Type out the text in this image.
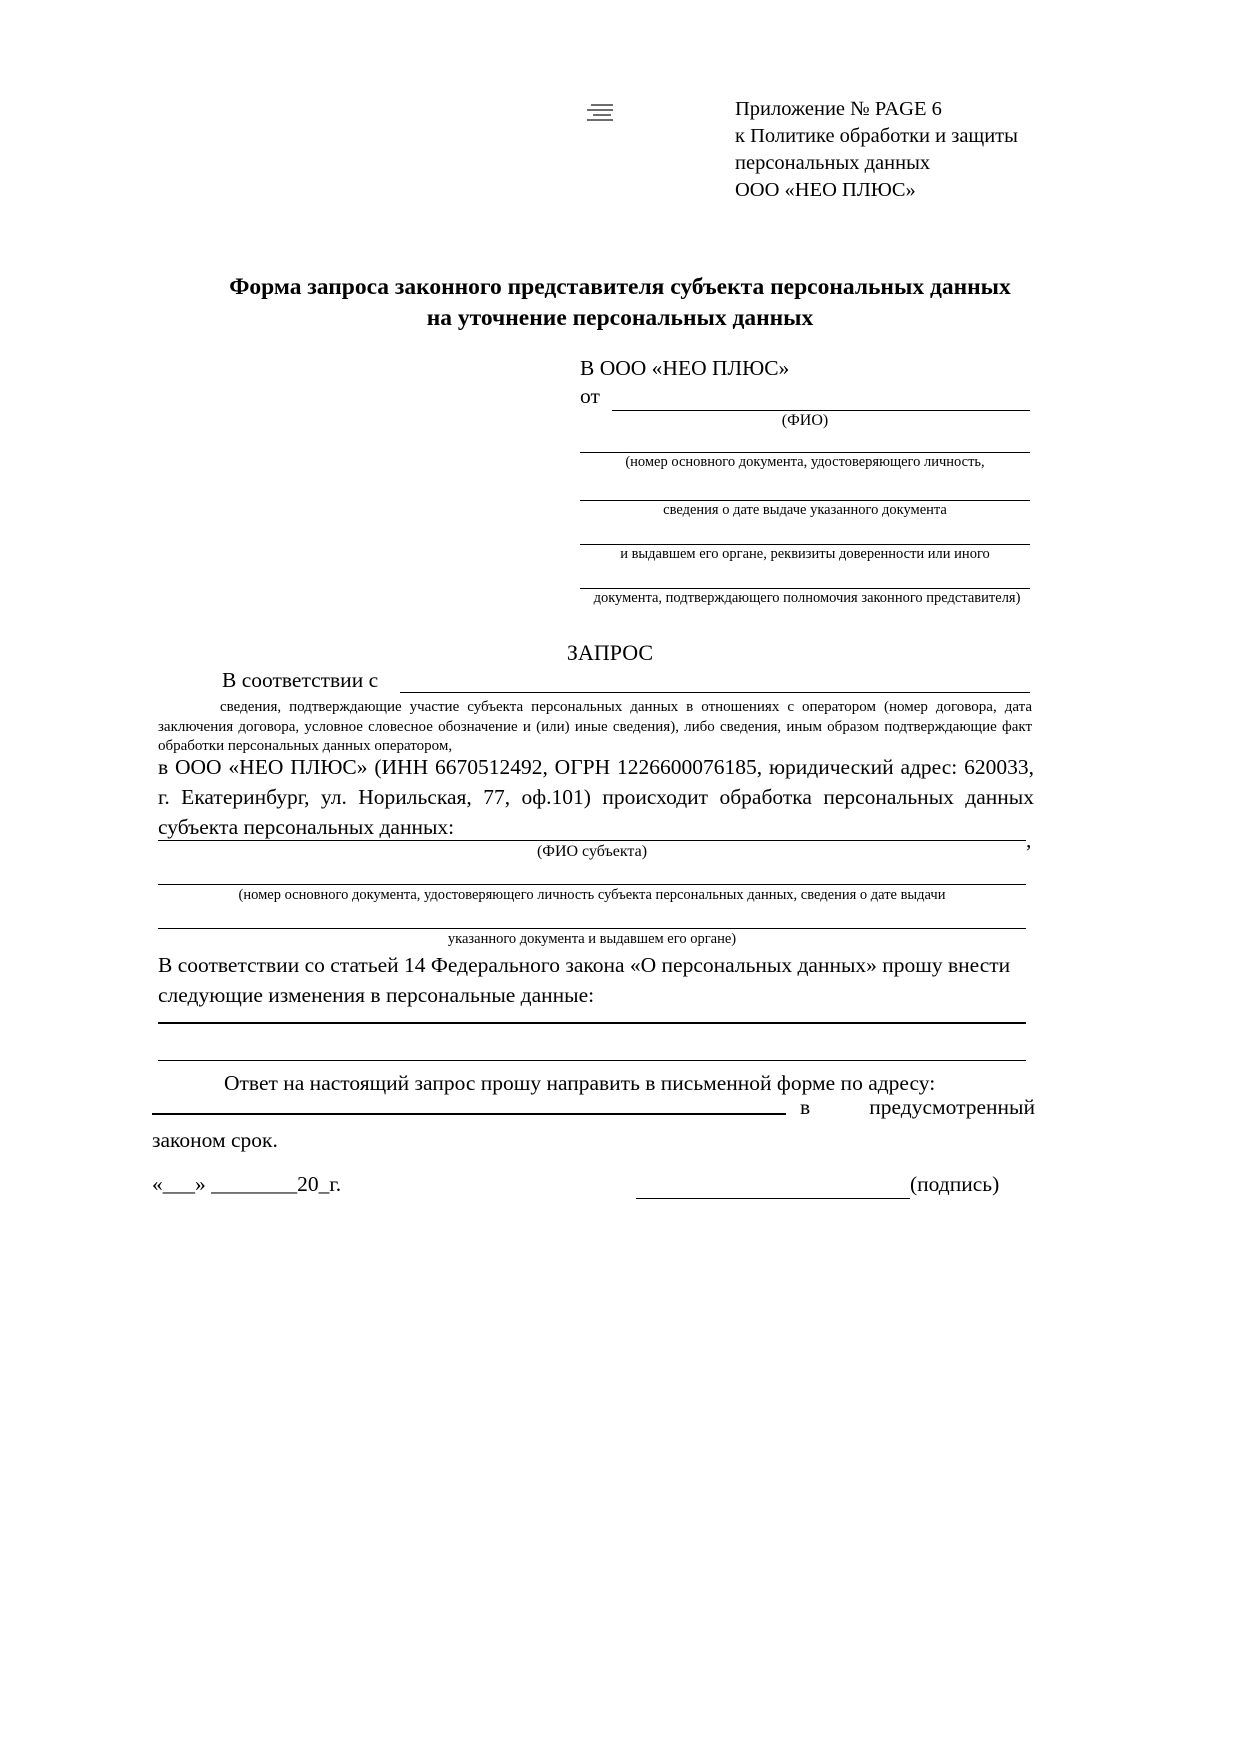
Приложение № PAGE 6
к Политике обработки и защиты
персональных данных
ООО «НЕО ПЛЮС»
Форма запроса законного представителя субъекта персональных данных
на уточнение персональных данных
В ООО «НЕО ПЛЮС»
от
(ФИО)
(номер основного документа, удостоверяющего личность,
сведения о дате выдаче указанного документа
и выдавшем его органе, реквизиты доверенности или иного
документа, подтверждающего полномочия законного представителя)
ЗАПРОС
В соответствии с
сведения, подтверждающие участие субъекта персональных данных в отношениях с оператором (номер договора, дата заключения договора, условное словесное обозначение и (или) иные сведения), либо сведения, иным образом подтверждающие факт обработки персональных данных оператором,
в ООО «НЕО ПЛЮС» (ИНН 6670512492, ОГРН 1226600076185, юридический адрес: 620033, г. Екатеринбург, ул. Норильская, 77, оф.101) происходит обработка персональных данных субъекта персональных данных:
,
(ФИО субъекта)
(номер основного документа, удостоверяющего личность субъекта персональных данных, сведения о дате выдачи
указанного документа и выдавшем его органе)
В соответствии со статьей 14 Федерального закона «О персональных данных» прошу внести следующие изменения в персональные данные:
Ответ на настоящий запрос прошу направить в письменной форме по адресу:
в	предусмотренный
законом срок.
«___» ________20_г.	(подпись)
